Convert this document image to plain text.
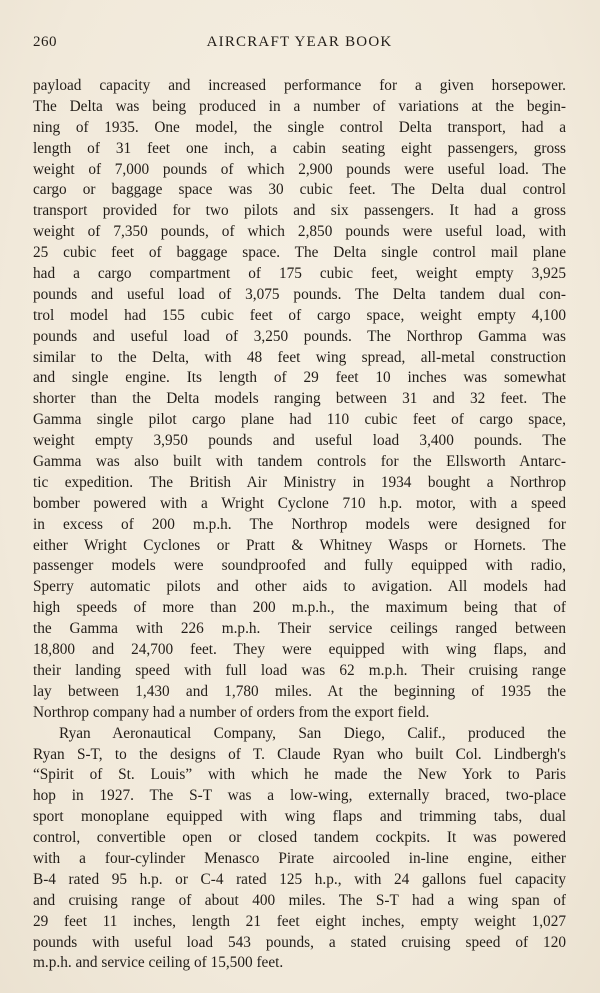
260	AIRCRAFT YEAR BOOK
payload capacity and increased performance for a given horsepower.
The Delta was being produced in a number of variations at the begin-
ning of 1935. One model, the single control Delta transport, had a
length of 31 feet one inch, a cabin seating eight passengers, gross
weight of 7,000 pounds of which 2,900 pounds were useful load. The
cargo or baggage space was 30 cubic feet. The Delta dual control
transport provided for two pilots and six passengers. It had a gross
weight of 7,350 pounds, of which 2,850 pounds were useful load, with
25 cubic feet of baggage space. The Delta single control mail plane
had a cargo compartment of 175 cubic feet, weight empty 3,925
pounds and useful load of 3,075 pounds. The Delta tandem dual con-
trol model had 155 cubic feet of cargo space, weight empty 4,100
pounds and useful load of 3,250 pounds. The Northrop Gamma was
similar to the Delta, with 48 feet wing spread, all-metal construction
and single engine. Its length of 29 feet 10 inches was somewhat
shorter than the Delta models ranging between 31 and 32 feet. The
Gamma single pilot cargo plane had 110 cubic feet of cargo space,
weight empty 3,950 pounds and useful load 3,400 pounds. The
Gamma was also built with tandem controls for the Ellsworth Antarc-
tic expedition. The British Air Ministry in 1934 bought a Northrop
bomber powered with a Wright Cyclone 710 h.p. motor, with a speed
in excess of 200 m.p.h. The Northrop models were designed for
either Wright Cyclones or Pratt & Whitney Wasps or Hornets. The
passenger models were soundproofed and fully equipped with radio,
Sperry automatic pilots and other aids to avigation. All models had
high speeds of more than 200 m.p.h., the maximum being that of
the Gamma with 226 m.p.h. Their service ceilings ranged between
18,800 and 24,700 feet. They were equipped with wing flaps, and
their landing speed with full load was 62 m.p.h. Their cruising range
lay between 1,430 and 1,780 miles. At the beginning of 1935 the
Northrop company had a number of orders from the export field.
Ryan Aeronautical Company, San Diego, Calif., produced the
Ryan S-T, to the designs of T. Claude Ryan who built Col. Lindbergh's
“Spirit of St. Louis” with which he made the New York to Paris
hop in 1927. The S-T was a low-wing, externally braced, two-place
sport monoplane equipped with wing flaps and trimming tabs, dual
control, convertible open or closed tandem cockpits. It was powered
with a four-cylinder Menasco Pirate aircooled in-line engine, either
B-4 rated 95 h.p. or C-4 rated 125 h.p., with 24 gallons fuel capacity
and cruising range of about 400 miles. The S-T had a wing span of
29 feet 11 inches, length 21 feet eight inches, empty weight 1,027
pounds with useful load 543 pounds, a stated cruising speed of 120
m.p.h. and service ceiling of 15,500 feet.
